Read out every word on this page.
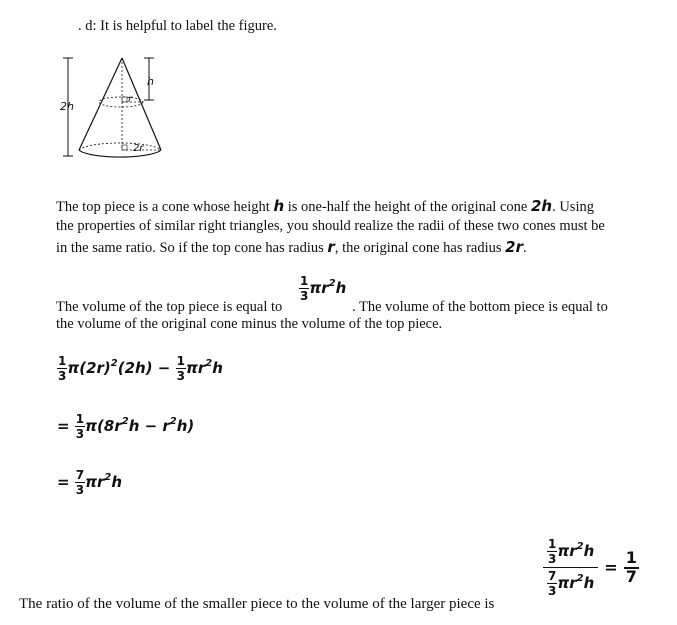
. d: It is helpful to label the figure.
2h
h
r
2r
The top piece is a cone whose height h is one-half the height of the original cone 2h. Using
the properties of similar right triangles, you should realize the radii of these two cones must be
in the same ratio. So if the top cone has radius r, the original cone has radius 2r.
The volume of the top piece is equal to
$\frac{1}{3} \pi r^2h$
. The volume of the bottom piece is equal to
the volume of the original cone minus the volume of the top piece.
$\frac{1}{3} \pi(2r)^2(2h) - \frac{1}{3} \pi r^2h$
= $\frac{1}{3} \pi(8r^2h - r^2h)$
= $\frac{7}{3} \pi r^2h$
The ratio of the volume of the smaller piece to the volume of the larger piece is
$\frac{\frac{1}{3} \pi r^2h}{\frac{7}{3} \pi r^2h} = \frac{1}{7}$
